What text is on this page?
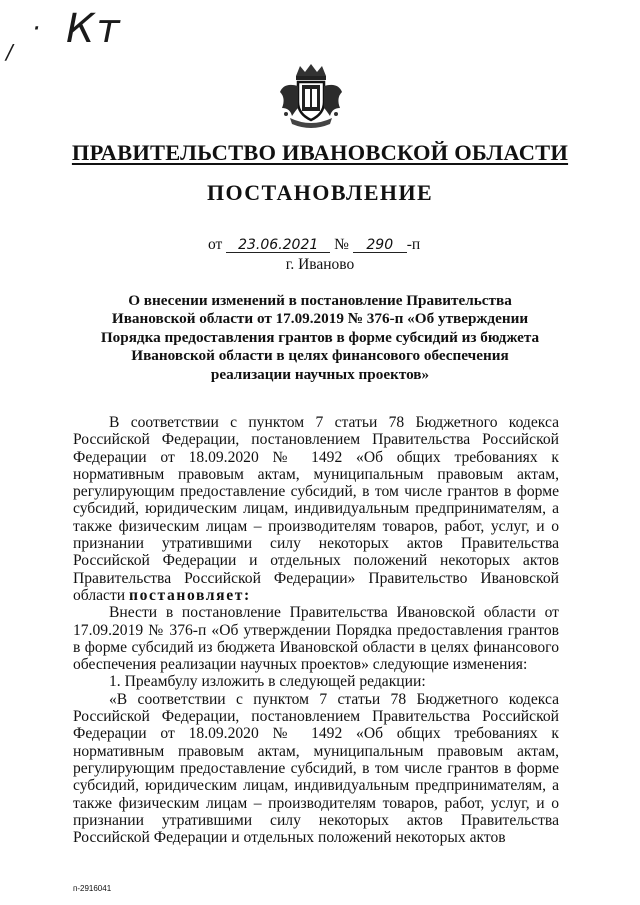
· Кт
/
ПРАВИТЕЛЬСТВО ИВАНОВСКОЙ ОБЛАСТИ
ПОСТАНОВЛЕНИЕ
от 23.06.2021 № 290 -п
г. Иваново
О внесении изменений в постановление Правительства Ивановской области от 17.09.2019 № 376-п «Об утверждении Порядка предоставления грантов в форме субсидий из бюджета Ивановской области в целях финансового обеспечения реализации научных проектов»

В соответствии с пунктом 7 статьи 78 Бюджетного кодекса Российской Федерации, постановлением Правительства Российской Федерации от 18.09.2020 № 1492 «Об общих требованиях к нормативным правовым актам, муниципальным правовым актам, регулирующим предоставление субсидий, в том числе грантов в форме субсидий, юридическим лицам, индивидуальным предпринимателям, а также физическим лицам – производителям товаров, работ, услуг, и о признании утратившими силу некоторых актов Правительства Российской Федерации и отдельных положений некоторых актов Правительства Российской Федерации» Правительство Ивановской области постановляет:

Внести в постановление Правительства Ивановской области от 17.09.2019 № 376-п «Об утверждении Порядка предоставления грантов в форме субсидий из бюджета Ивановской области в целях финансового обеспечения реализации научных проектов» следующие изменения:

1. Преамбулу изложить в следующей редакции:

«В соответствии с пунктом 7 статьи 78 Бюджетного кодекса Российской Федерации, постановлением Правительства Российской Федерации от 18.09.2020 № 1492 «Об общих требованиях к нормативным правовым актам, муниципальным правовым актам, регулирующим предоставление субсидий, в том числе грантов в форме субсидий, юридическим лицам, индивидуальным предпринимателям, а также физическим лицам – производителям товаров, работ, услуг, и о признании утратившими силу некоторых актов Правительства Российской Федерации и отдельных положений некоторых актов

п-2916041
